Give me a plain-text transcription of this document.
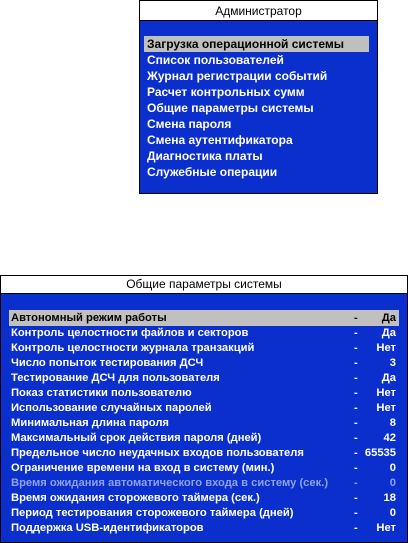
Администратор
Загрузка операционной системы
Список пользователей
Журнал регистрации событий
Расчет контрольных сумм
Общие параметры системы
Смена пароля
Смена аутентификатора
Диагностика платы
Служебные операции
Общие параметры системы
Автономный режим работы	- Да
Контроль целостности файлов и секторов	- Да
Контроль целостности журнала транзакций	- Нет
Число попыток тестирования ДСЧ	-	3
Тестирование ДСЧ для пользователя	- Да
Показ статистики пользователю	- Нет
Использование случайных паролей	- Нет
Минимальная длина пароля	-	8
Максимальный срок действия пароля (дней)	- 42
Предельное число неудачных входов пользователя	- 65535
Ограничение времени на вход в систему (мин.)	-	0
Время ожидания автоматического входа в систему (сек.) -	0
Время ожидания сторожевого таймера (сек.)	- 18
Период тестирования сторожевого таймера (дней)	-	0
Поддержка USB-идентификаторов	- Нет
